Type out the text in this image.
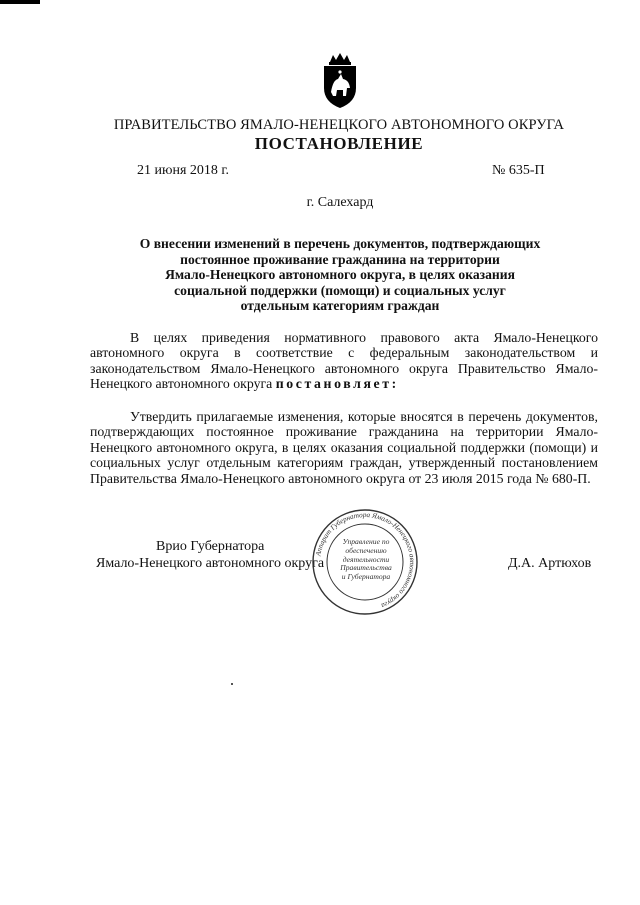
ПРАВИТЕЛЬСТВО ЯМАЛО-НЕНЕЦКОГО АВТОНОМНОГО ОКРУГА
ПОСТАНОВЛЕНИЕ
21 июня 2018 г.	№ 635-П
г. Салехард
О внесении изменений в перечень документов, подтверждающих
постоянное проживание гражданина на территории
Ямало-Ненецкого автономного округа, в целях оказания
социальной поддержки (помощи) и социальных услуг
отдельным категориям граждан

В целях приведения нормативного правового акта Ямало-Ненецкого автономного округа в соответствие с федеральным законодательством и законодательством Ямало-Ненецкого автономного округа Правительство Ямало-Ненецкого автономного округа постановляет:

Утвердить прилагаемые изменения, которые вносятся в перечень документов, подтверждающих постоянное проживание гражданина на территории Ямало-Ненецкого автономного округа, в целях оказания социальной поддержки (помощи) и социальных услуг отдельным категориям граждан, утвержденный постановлением Правительства Ямало-Ненецкого автономного округа от 23 июля 2015 года № 680-П.

Врио Губернатора
Ямало-Ненецкого автономного округа	Д.А. Артюхов
Аппарат Губернатора Ямало-Ненецкого автономного округа
Управление по
обеспечению
деятельности
Правительства
и Губернатора
